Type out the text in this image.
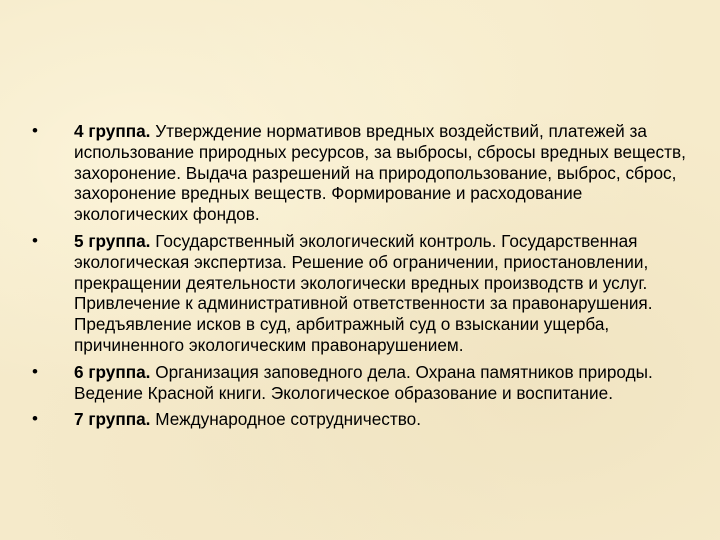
•	4 группа. Утверждение нормативов вредных воздействий, платежей за использование природных ресурсов, за выбросы, сбросы вредных веществ, захоронение. Выдача разрешений на природопользование, выброс, сброс, захоронение вредных веществ. Формирование и расходование экологических фондов.
•	5 группа. Государственный экологический контроль. Государственная экологическая экспертиза. Решение об ограничении, приостановлении, прекращении деятельности экологически вредных производств и услуг. Привлечение к административной ответственности за правонарушения. Предъявление исков в суд, арбитражный суд о взыскании ущерба, причиненного экологическим правонарушением.
•	6 группа. Организация заповедного дела. Охрана памятников природы. Ведение Красной книги. Экологическое образование и воспитание.
•	7 группа. Международное сотрудничество.
